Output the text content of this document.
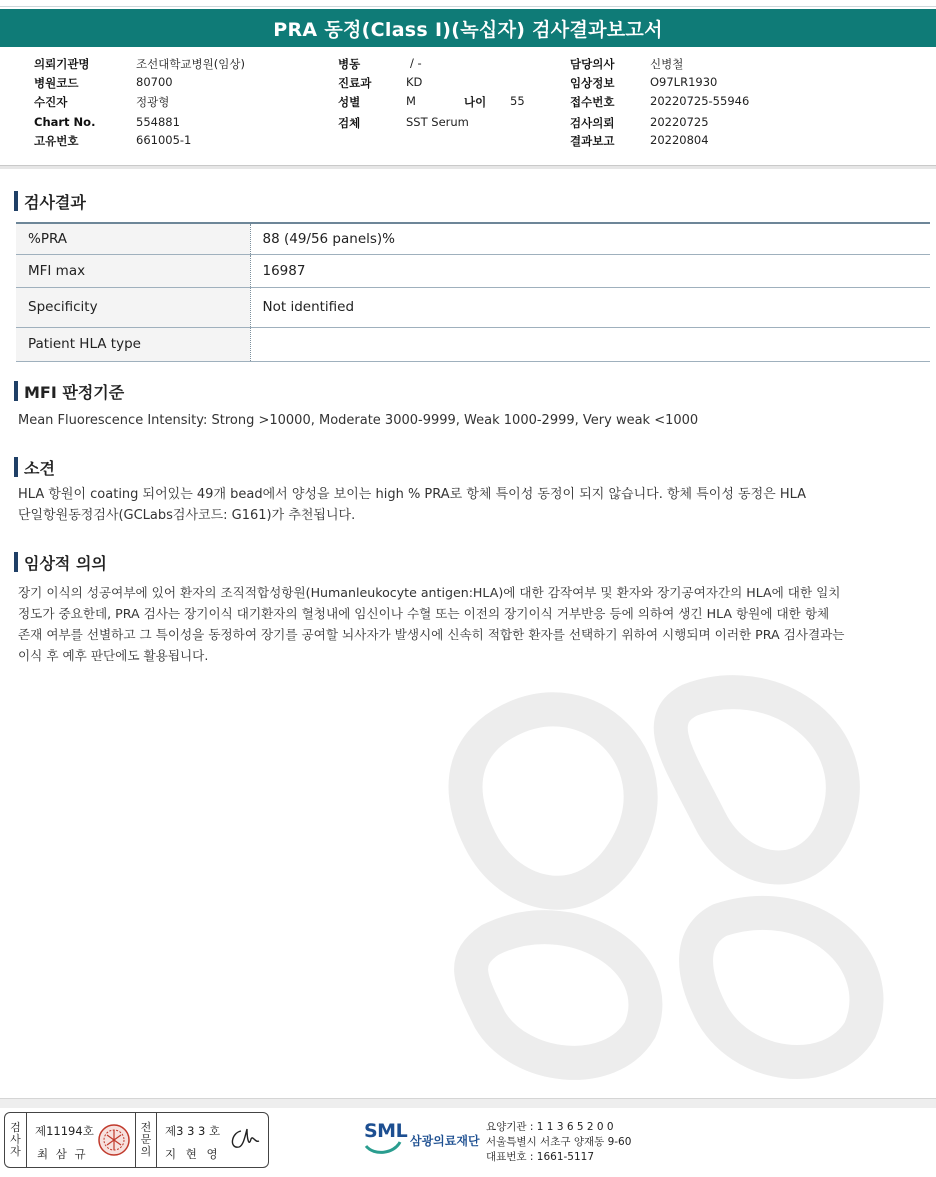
PRA 동정(Class I)(녹십자) 검사결과보고서
의뢰기관명	조선대학교병원(임상)	병동	/ -	담당의사	신병철
병원코드	80700	진료과	KD	임상정보	O97LR1930
수진자	정광형	성별	M	나이 55	접수번호	20220725-55946
Chart No.	554881	검체	SST Serum	검사의뢰	20220725
고유번호	661005-1	결과보고	20220804
검사결과
%PRA	88 (49/56 panels)%
MFI max	16987
Specificity	Not identified
Patient HLA type	
MFI 판정기준
Mean Fluorescence Intensity: Strong >10000, Moderate 3000-9999, Weak 1000-2999, Very weak <1000
소견
HLA 항원이 coating 되어있는 49개 bead에서 양성을 보이는 high % PRA로 항체 특이성 동정이 되지 않습니다. 항체 특이성 동정은 HLA
단일항원동정검사(GCLabs검사코드: G161)가 추천됩니다.
임상적 의의
장기 이식의 성공여부에 있어 환자의 조직적합성항원(Humanleukocyte antigen:HLA)에 대한 감작여부 및 환자와 장기공여자간의 HLA에 대한 일치
정도가 중요한데, PRA 검사는 장기이식 대기환자의 혈청내에 임신이나 수혈 또는 이전의 장기이식 거부반응 등에 의하여 생긴 HLA 항원에 대한 항체
존재 여부를 선별하고 그 특이성을 동정하여 장기를 공여할 뇌사자가 발생시에 신속히 적합한 환자를 선택하기 위하여 시행되며 이러한 PRA 검사결과는
이식 후 예후 판단에도 활용됩니다.
검
사
자
제11194호
최 삼 규
전
문
의
제3 3 3 호
지 현 영
SML 삼광의료재단
요양기관 : 1 1 3 6 5 2 0 0
서울특별시 서초구 양재동 9-60
대표번호 : 1661-5117
